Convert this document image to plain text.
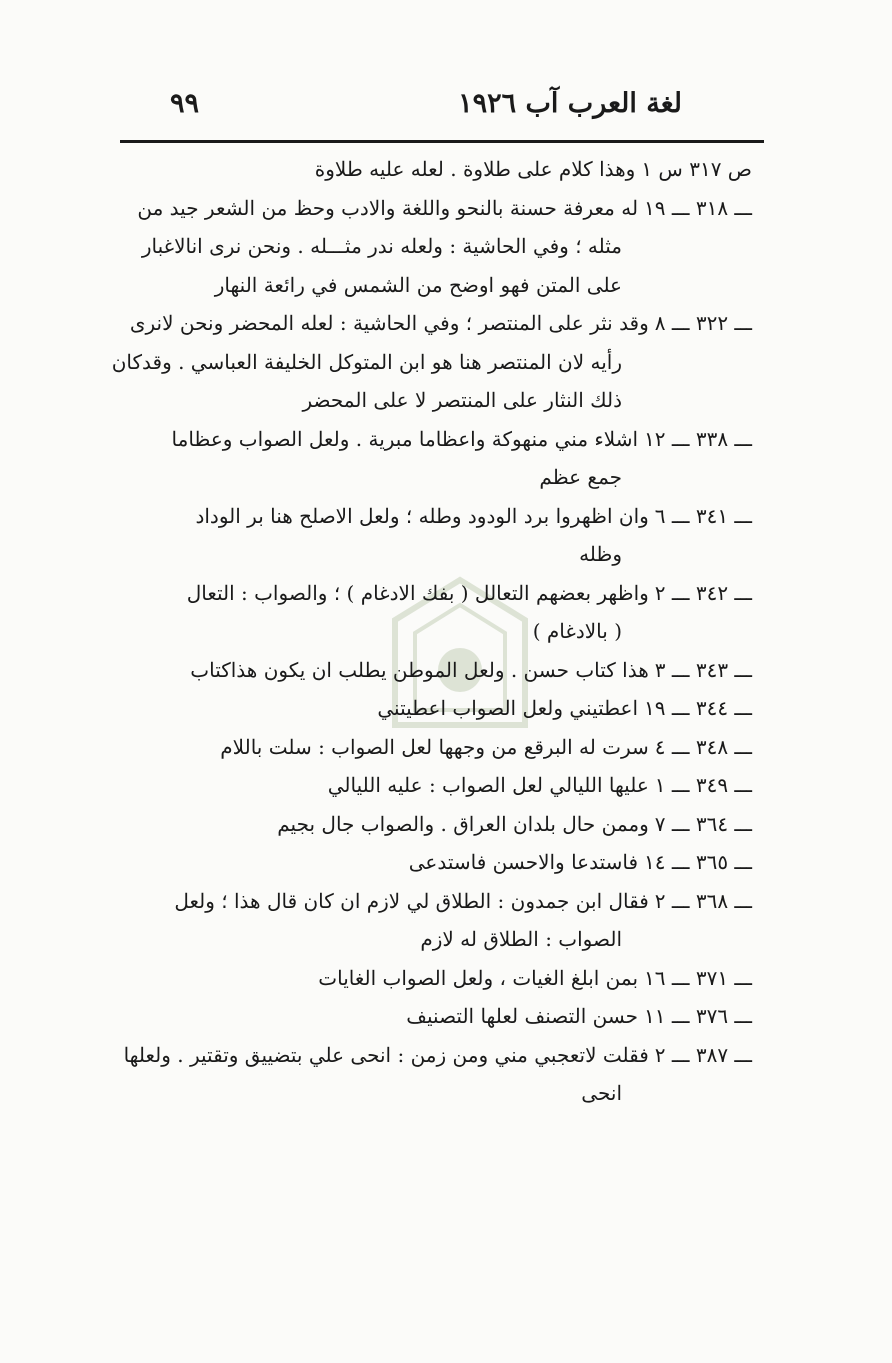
لغة العرب آب ١٩٢٦
٩٩
ص ٣١٧ س ١وهذا كلام على طلاوة . لعله عليه طلاوة
ـــ ٣١٨ ـــ ١٩له معرفة حسنة بالنحو واللغة والادب وحظ من الشعر جيد من
مثله ؛ وفي الحاشية : ولعله ندر مثـــله . ونحن نرى انالاغبار
على المتن فهو اوضح من الشمس في رائعة النهار
ـــ ٣٢٢ ـــ ٨وقد نثر على المنتصر ؛ وفي الحاشية : لعله المحضر ونحن لانرى
رأيه لان المنتصر هنا هو ابن المتوكل الخليفة العباسي . وقدكان
ذلك النثار على المنتصر لا على المحضر
ـــ ٣٣٨ ـــ ١٢اشلاء مني منهوكة واعظاما مبرية . ولعل الصواب وعظاما
جمع عظم
ـــ ٣٤١ ـــ ٦وان اظهروا برد الودود وطله ؛ ولعل الاصلح هنا بر الوداد
وظله
ـــ ٣٤٢ ـــ ٢واظهر بعضهم التعالل ( بفك الادغام ) ؛ والصواب : التعال
( بالادغام )
ـــ ٣٤٣ ـــ ٣هذا كتاب حسن . ولعل الموطن يطلب ان يكون هذاكتاب
ـــ ٣٤٤ ـــ ١٩اعطتيني ولعل الصواب اعطيتني
ـــ ٣٤٨ ـــ ٤سرت له البرقع من وجهها لعل الصواب : سلت باللام
ـــ ٣٤٩ ـــ ١عليها الليالي لعل الصواب : عليه الليالي
ـــ ٣٦٤ ـــ ٧وممن حال بلدان العراق . والصواب جال بجيم
ـــ ٣٦٥ ـــ ١٤فاستدعا والاحسن فاستدعى
ـــ ٣٦٨ ـــ ٢فقال ابن جمدون : الطلاق لي لازم ان كان قال هذا ؛ ولعل
الصواب : الطلاق له لازم
ـــ ٣٧١ ـــ ١٦بمن ابلغ الغيات ، ولعل الصواب الغايات
ـــ ٣٧٦ ـــ ١١حسن التصنف لعلها التصنيف
ـــ ٣٨٧ ـــ ٢فقلت لاتعجبي مني ومن زمن : انحى علي بتضييق وتقتير . ولعلها
انحى
